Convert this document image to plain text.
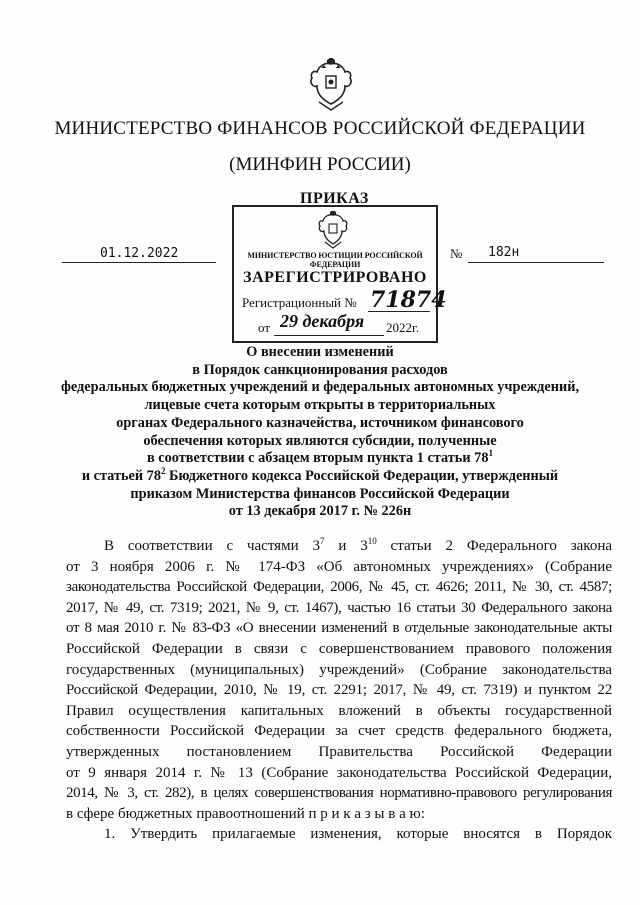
МИНИСТЕРСТВО ФИНАНСОВ РОССИЙСКОЙ ФЕДЕРАЦИИ
(МИНФИН РОССИИ)
ПРИКАЗ
01.12.2022	№ 182н
МИНИСТЕРСТВО ЮСТИЦИИ РОССИЙСКОЙ ФЕДЕРАЦИИ
ЗАРЕГИСТРИРОВАНО
Регистрационный № 71874
от 29 декабря 2022г.
О внесении изменений
в Порядок санкционирования расходов
федеральных бюджетных учреждений и федеральных автономных учреждений,
лицевые счета которым открыты в территориальных
органах Федерального казначейства, источником финансового
обеспечения которых являются субсидии, полученные
в соответствии с абзацем вторым пункта 1 статьи $78^1$
и статьей $78^2$ Бюджетного кодекса Российской Федерации, утвержденный
приказом Министерства финансов Российской Федерации
от 13 декабря 2017 г. № 226н
В соответствии с частями $3^7$ и $3^{10}$ статьи 2 Федерального закона
от 3 ноября 2006 г. № 174-ФЗ «Об автономных учреждениях» (Собрание
законодательства Российской Федерации, 2006, № 45, ст. 4626; 2011, № 30, ст. 4587;
2017, № 49, ст. 7319; 2021, № 9, ст. 1467), частью 16 статьи 30 Федерального закона
от 8 мая 2010 г. № 83-ФЗ «О внесении изменений в отдельные законодательные акты
Российской Федерации в связи с совершенствованием правового положения
государственных (муниципальных) учреждений» (Собрание законодательства
Российской Федерации, 2010, № 19, ст. 2291; 2017, № 49, ст. 7319) и пунктом 22
Правил осуществления капитальных вложений в объекты государственной
собственности Российской Федерации за счет средств федерального бюджета,
утвержденных постановлением Правительства Российской Федерации
от 9 января 2014 г. № 13 (Собрание законодательства Российской Федерации,
2014, № 3, ст. 282), в целях совершенствования нормативно-правового регулирования
в сфере бюджетных правоотношений п р и к а з ы в а ю:
1. Утвердить прилагаемые изменения, которые вносятся в Порядок
